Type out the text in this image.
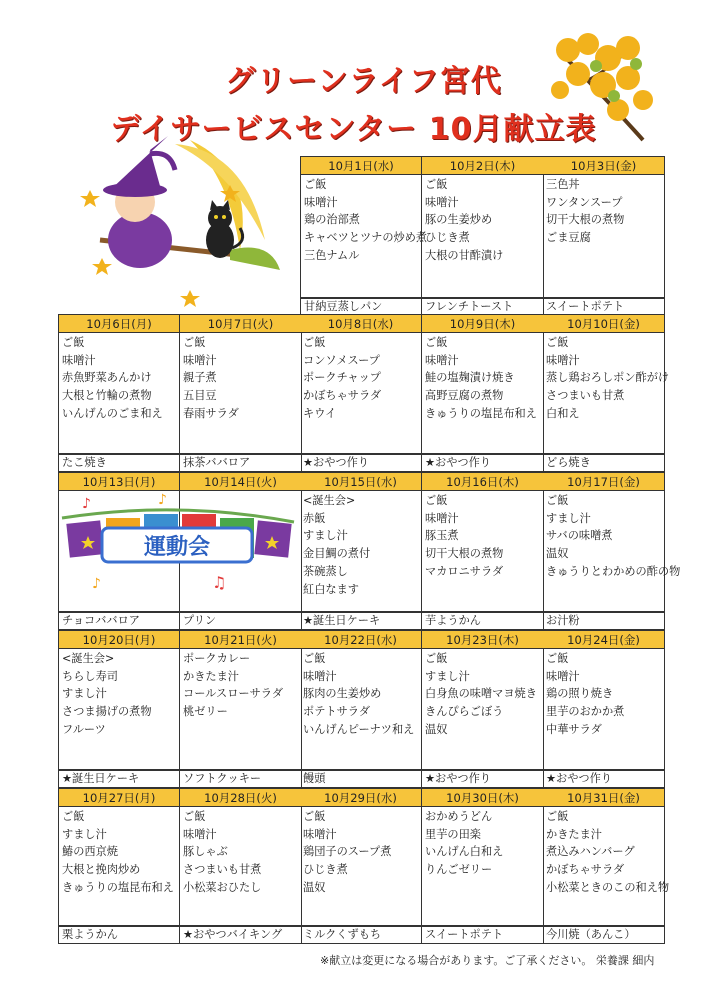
グリーンライフ宮代
デイサービスセンター 10月献立表
10月1日(水)
ご飯
味噌汁
鶏の治部煮
キャベツとツナの炒め煮
三色ナムル
甘納豆蒸しパン
10月2日(木)
ご飯
味噌汁
豚の生姜炒め
ひじき煮
大根の甘酢漬け
フレンチトースト
10月3日(金)
三色丼
ワンタンスープ
切干大根の煮物
ごま豆腐
スイートポテト
10月6日(月)
ご飯
味噌汁
赤魚野菜あんかけ
大根と竹輪の煮物
いんげんのごま和え
たこ焼き
10月7日(火)
ご飯
味噌汁
親子煮
五目豆
春雨サラダ
抹茶ババロア
10月8日(水)
ご飯
コンソメスープ
ポークチャップ
かぼちゃサラダ
キウイ
★おやつ作り
10月9日(木)
ご飯
味噌汁
鮭の塩麹漬け焼き
高野豆腐の煮物
きゅうりの塩昆布和え
★おやつ作り
10月10日(金)
ご飯
味噌汁
蒸し鶏おろしポン酢がけ
さつまいも甘煮
白和え
どら焼き
10月13日(月)
チョコババロア
10月14日(火)
プリン
10月15日(水)
<誕生会>
赤飯
すまし汁
金目鯛の煮付
茶碗蒸し
紅白なます
★誕生日ケーキ
10月16日(木)
ご飯
味噌汁
豚玉煮
切干大根の煮物
マカロニサラダ
芋ようかん
10月17日(金)
ご飯
すまし汁
サバの味噌煮
温奴
きゅうりとわかめの酢の物
お汁粉
10月20日(月)
<誕生会>
ちらし寿司
すまし汁
さつま揚げの煮物
フルーツ
★誕生日ケーキ
10月21日(火)
ポークカレー
かきたま汁
コールスローサラダ
桃ゼリー
ソフトクッキー
10月22日(水)
ご飯
味噌汁
豚肉の生姜炒め
ポテトサラダ
いんげんピーナツ和え
饅頭
10月23日(木)
ご飯
すまし汁
白身魚の味噌マヨ焼き
きんぴらごぼう
温奴
★おやつ作り
10月24日(金)
ご飯
味噌汁
鶏の照り焼き
里芋のおかか煮
中華サラダ
★おやつ作り
10月27日(月)
ご飯
すまし汁
鰆の西京焼
大根と挽肉炒め
きゅうりの塩昆布和え
栗ようかん
10月28日(火)
ご飯
味噌汁
豚しゃぶ
さつまいも甘煮
小松菜おひたし
★おやつバイキング
10月29日(水)
ご飯
味噌汁
鶏団子のスープ煮
ひじき煮
温奴
ミルクくずもち
10月30日(木)
おかめうどん
里芋の田楽
いんげん白和え
りんごゼリー
スイートポテト
10月31日(金)
ご飯
かきたま汁
煮込みハンバーグ
かぼちゃサラダ
小松菜ときのこの和え物
今川焼（あんこ）
運動会
♪	♪
♫
♪
※献立は変更になる場合があります。ご了承ください。 栄養課 細内
